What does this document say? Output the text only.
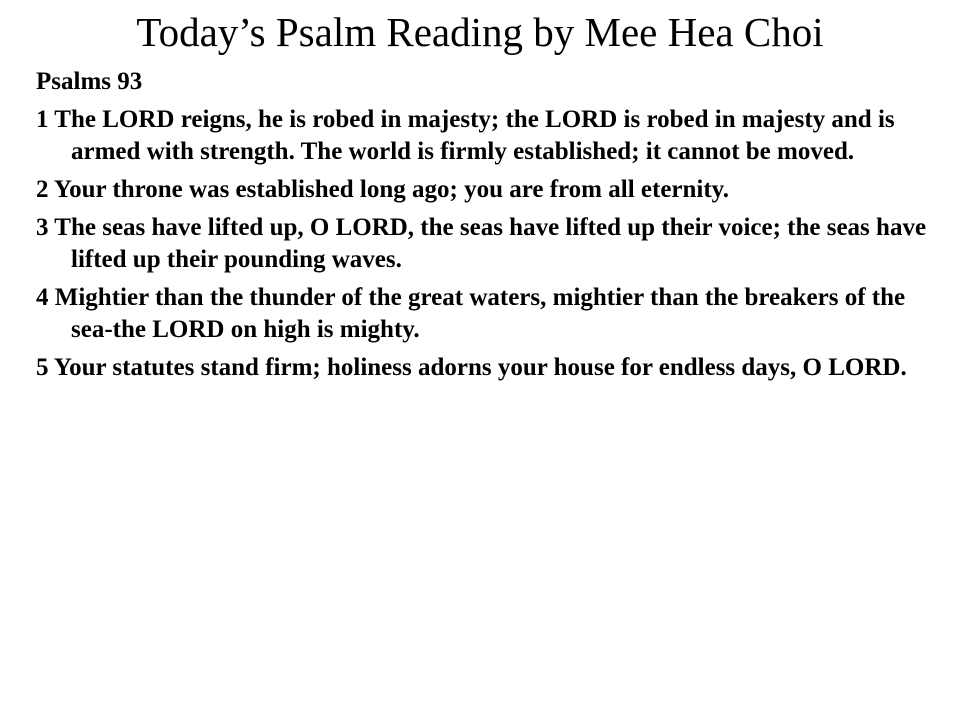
Today’s Psalm Reading by Mee Hea Choi

Psalms 93

1 The LORD reigns, he is robed in majesty; the LORD is robed in majesty and is armed with strength. The world is firmly established; it cannot be moved.

2 Your throne was established long ago; you are from all eternity.

3 The seas have lifted up, O LORD, the seas have lifted up their voice; the seas have lifted up their pounding waves.

4 Mightier than the thunder of the great waters, mightier than the breakers of the sea-the LORD on high is mighty.

5 Your statutes stand firm; holiness adorns your house for endless days, O LORD.
